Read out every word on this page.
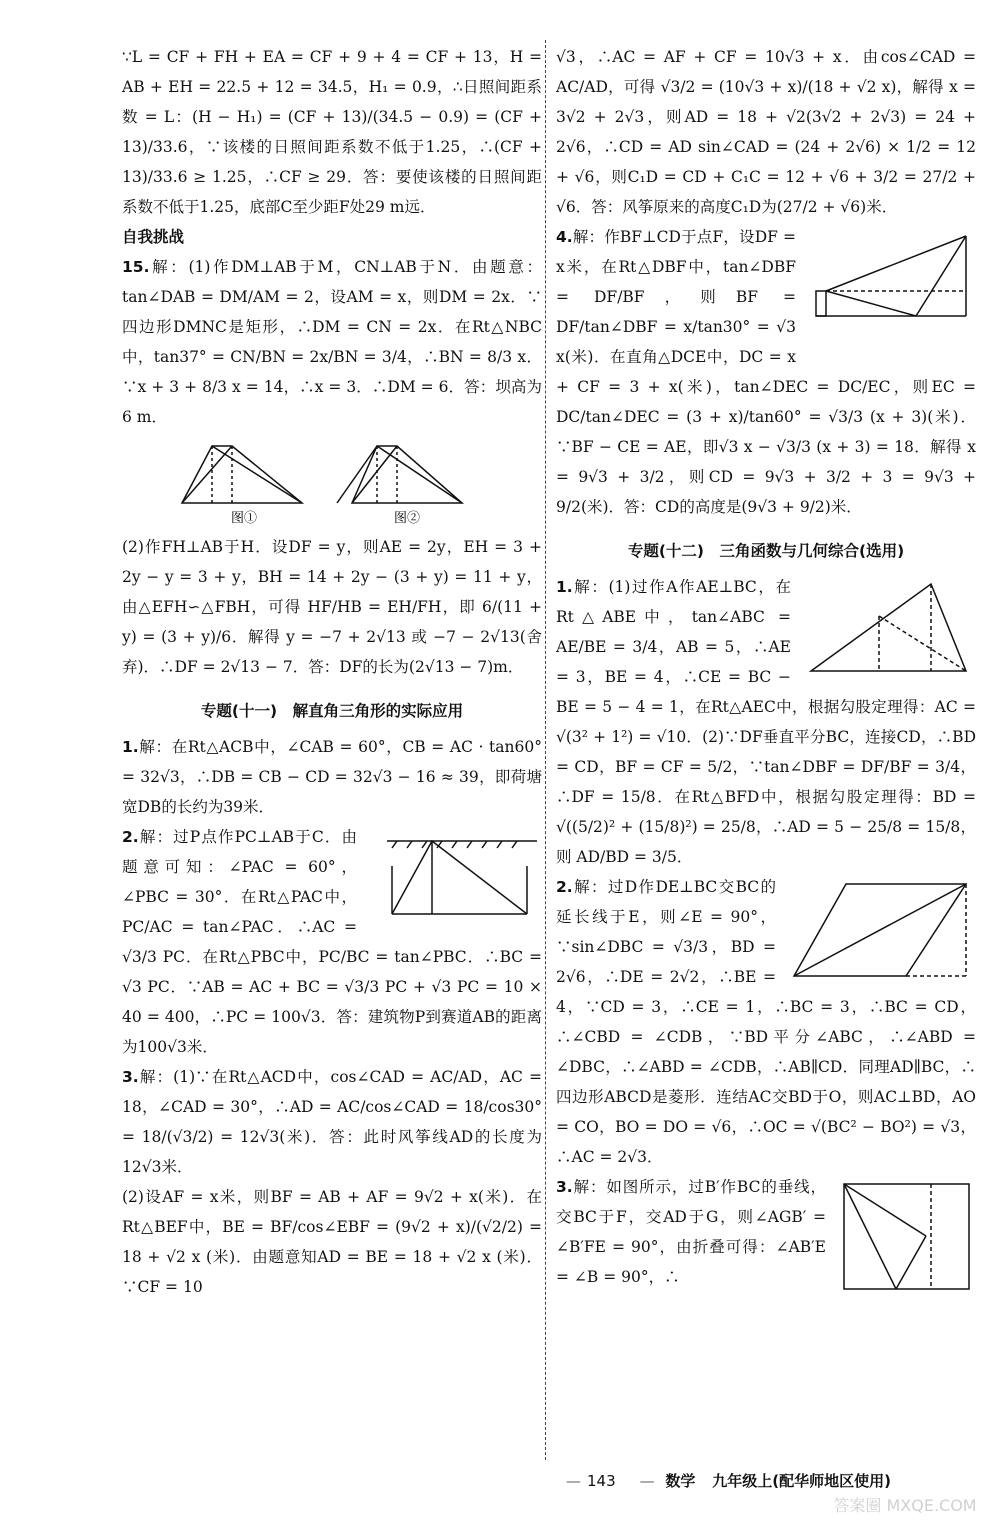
∵L = CF + FH + EA = CF + 9 + 4 = CF + 13，H = AB + EH = 22.5 + 12 = 34.5，H₁ = 0.9，∴日照间距系数 = L：(H − H₁) = (CF + 13)/(34.5 − 0.9) = (CF + 13)/33.6，∵该楼的日照间距系数不低于1.25，∴(CF + 13)/33.6 ≥ 1.25，∴CF ≥ 29．答：要使该楼的日照间距系数不低于1.25，底部C至少距F处29 m远．

自我挑战

15.解：(1)作DM⊥AB于M，CN⊥AB于N．由题意：tan∠DAB = DM/AM = 2，设AM = x，则DM = 2x．∵四边形DMNC是矩形，∴DM = CN = 2x．在Rt△NBC中，tan37° = CN/BN = 2x/BN = 3/4，∴BN = 8/3 x．∵x + 3 + 8/3 x = 14，∴x = 3．∴DM = 6．答：坝高为6 m．

图①	图②

(2)作FH⊥AB于H．设DF = y，则AE = 2y，EH = 3 + 2y − y = 3 + y，BH = 14 + 2y − (3 + y) = 11 + y，由△EFH∽△FBH，可得 HF/HB = EH/FH，即 6/(11 + y) = (3 + y)/6．解得 y = −7 + 2√13 或 −7 − 2√13(舍弃)．∴DF = 2√13 − 7．答：DF的长为(2√13 − 7)m．

专题(十一)　解直角三角形的实际应用

1.解：在Rt△ACB中，∠CAB = 60°，CB = AC · tan60° = 32√3，∴DB = CB − CD = 32√3 − 16 ≈ 39，即荷塘宽DB的长约为39米．

2.解：过P点作PC⊥AB于C．由题意可知：∠PAC = 60°，∠PBC = 30°．在Rt△PAC中，PC/AC = tan∠PAC．∴AC = √3/3 PC．在Rt△PBC中，PC/BC = tan∠PBC．∴BC = √3 PC．∵AB = AC + BC = √3/3 PC + √3 PC = 10 × 40 = 400，∴PC = 100√3．答：建筑物P到赛道AB的距离为100√3米．

3.解：(1)∵在Rt△ACD中，cos∠CAD = AC/AD，AC = 18，∠CAD = 30°，∴AD = AC/cos∠CAD = 18/cos30° = 18/(√3/2) = 12√3(米)．答：此时风筝线AD的长度为12√3米．

(2)设AF = x米，则BF = AB + AF = 9√2 + x(米)．在Rt△BEF中，BE = BF/cos∠EBF = (9√2 + x)/(√2/2) = 18 + √2 x (米)．由题意知AD = BE = 18 + √2 x (米)．∵CF = 10

√3，∴AC = AF + CF = 10√3 + x．由cos∠CAD = AC/AD，可得 √3/2 = (10√3 + x)/(18 + √2 x)，解得 x = 3√2 + 2√3，则AD = 18 + √2(3√2 + 2√3) = 24 + 2√6，∴CD = AD sin∠CAD = (24 + 2√6) × 1/2 = 12 + √6，则C₁D = CD + C₁C = 12 + √6 + 3/2 = 27/2 + √6．答：风筝原来的高度C₁D为(27/2 + √6)米．

4.解：作BF⊥CD于点F，设DF = x米，在Rt△DBF中，tan∠DBF = DF/BF，则BF = DF/tan∠DBF = x/tan30° = √3 x(米)．在直角△DCE中，DC = x + CF = 3 + x(米)，tan∠DEC = DC/EC，则EC = DC/tan∠DEC = (3 + x)/tan60° = √3/3 (x + 3)(米)．∵BF − CE = AE，即√3 x − √3/3 (x + 3) = 18．解得 x = 9√3 + 3/2，则CD = 9√3 + 3/2 + 3 = 9√3 + 9/2(米)．答：CD的高度是(9√3 + 9/2)米．

专题(十二)　三角函数与几何综合(选用)

1.解：(1)过作A作AE⊥BC，在Rt△ABE中，tan∠ABC = AE/BE = 3/4，AB = 5，∴AE = 3，BE = 4，∴CE = BC − BE = 5 − 4 = 1，在Rt△AEC中，根据勾股定理得：AC = √(3² + 1²) = √10．(2)∵DF垂直平分BC，连接CD，∴BD = CD，BF = CF = 5/2，∵tan∠DBF = DF/BF = 3/4，∴DF = 15/8．在Rt△BFD中，根据勾股定理得：BD = √((5/2)² + (15/8)²) = 25/8，∴AD = 5 − 25/8 = 15/8，则 AD/BD = 3/5．

2.解：过D作DE⊥BC交BC的延长线于E，则∠E = 90°，∵sin∠DBC = √3/3，BD = 2√6，∴DE = 2√2，∴BE = 4，∵CD = 3，∴CE = 1，∴BC = 3，∴BC = CD，∴∠CBD = ∠CDB，∵BD平分∠ABC，∴∠ABD = ∠DBC，∴∠ABD = ∠CDB，∴AB∥CD．同理AD∥BC，∴四边形ABCD是菱形．连结AC交BD于O，则AC⊥BD，AO = CO，BO = DO = √6，∴OC = √(BC² − BO²) = √3，∴AC = 2√3．

3.解：如图所示，过B′作BC的垂线，交BC于F，交AD于G，则∠AGB′ = ∠B′FE = 90°，由折叠可得：∠AB′E = ∠B = 90°，∴

— 143 — 数学 九年级上(配华师地区使用)
答案圈 MXQE.COM
